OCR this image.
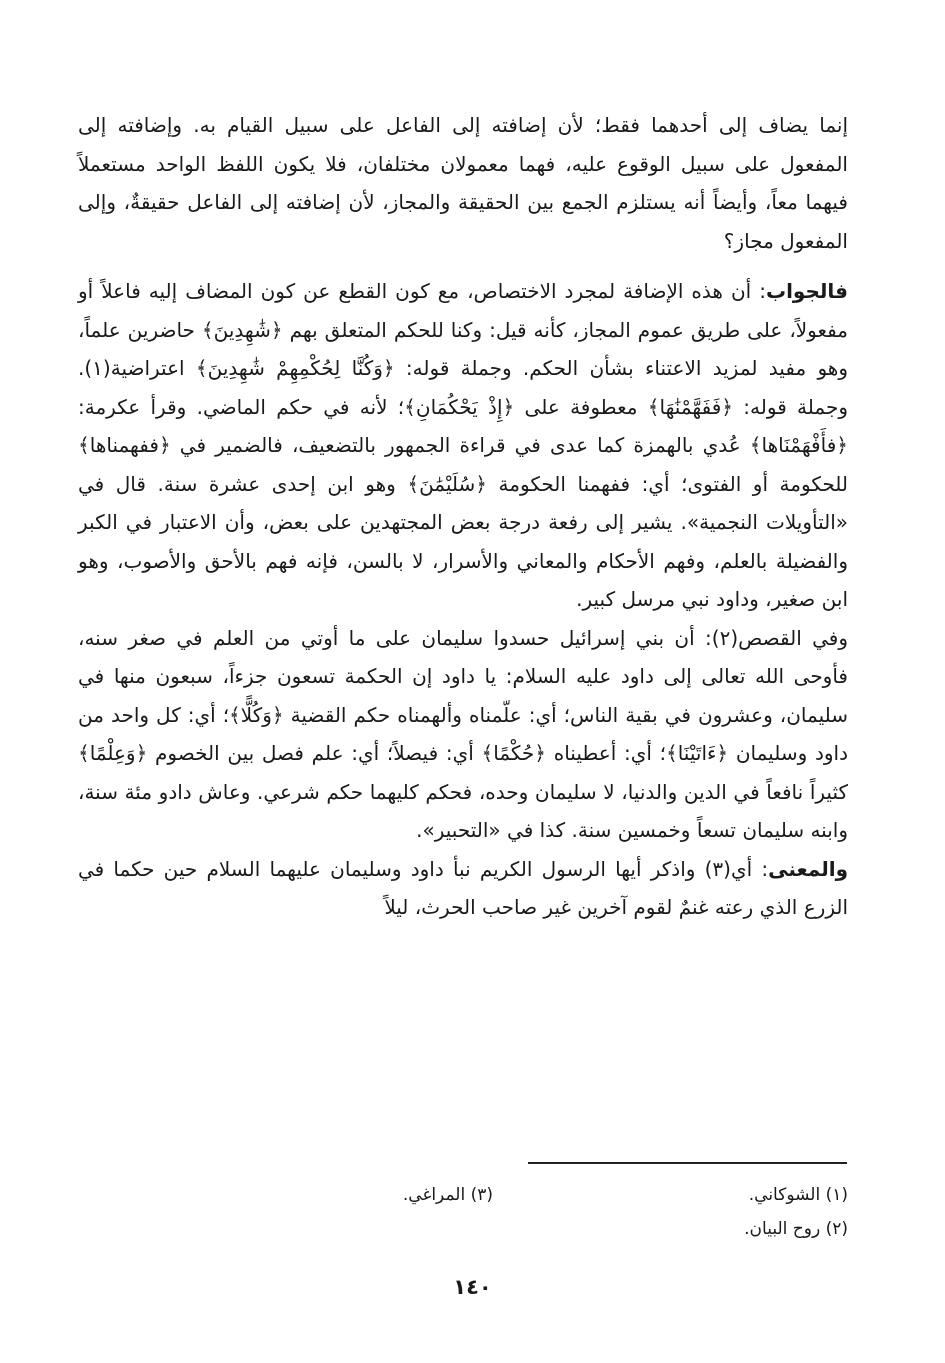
إنما يضاف إلى أحدهما فقط؛ لأن إضافته إلى الفاعل على سبيل القيام به. وإضافته إلى المفعول على سبيل الوقوع عليه، فهما معمولان مختلفان، فلا يكون اللفظ الواحد مستعملاً فيهما معاً، وأيضاً أنه يستلزم الجمع بين الحقيقة والمجاز، لأن إضافته إلى الفاعل حقيقةٌ، وإلى المفعول مجاز؟

فالجواب: أن هذه الإضافة لمجرد الاختصاص، مع كون القطع عن كون المضاف إليه فاعلاً أو مفعولاً، على طريق عموم المجاز، كأنه قيل: وكنا للحكم المتعلق بهم ﴿شَٰهِدِينَ﴾ حاضرين علماً، وهو مفيد لمزيد الاعتناء بشأن الحكم. وجملة قوله: ﴿وَكُنَّا لِحُكْمِهِمْ شَٰهِدِينَ﴾ اعتراضية(١). وجملة قوله: ﴿فَفَهَّمْنَٰهَا﴾ معطوفة على ﴿إِذْ يَحْكُمَانِ﴾؛ لأنه في حكم الماضي. وقرأ عكرمة: ﴿فأَفْهَمْنَاها﴾ عُدي بالهمزة كما عدى في قراءة الجمهور بالتضعيف، فالضمير في ﴿ففهمناها﴾ للحكومة أو الفتوى؛ أي: ففهمنا الحكومة ﴿سُلَيْمَٰنَ﴾ وهو ابن إحدى عشرة سنة. قال في «التأويلات النجمية». يشير إلى رفعة درجة بعض المجتهدين على بعض، وأن الاعتبار في الكبر والفضيلة بالعلم، وفهم الأحكام والمعاني والأسرار، لا بالسن، فإنه فهم بالأحق والأصوب، وهو ابن صغير، وداود نبي مرسل كبير.

وفي القصص(٢): أن بني إسرائيل حسدوا سليمان على ما أوتي من العلم في صغر سنه، فأوحى الله تعالى إلى داود عليه السلام: يا داود إن الحكمة تسعون جزءاً، سبعون منها في سليمان، وعشرون في بقية الناس؛ أي: علّمناه وألهمناه حكم القضية ﴿وَكُلًّا﴾؛ أي: كل واحد من داود وسليمان ﴿ءَاتَيْنَا﴾؛ أي: أعطيناه ﴿حُكْمًا﴾ أي: فيصلاً؛ أي: علم فصل بين الخصوم ﴿وَعِلْمًا﴾ كثيراً نافعاً في الدين والدنيا، لا سليمان وحده، فحكم كليهما حكم شرعي. وعاش دادو مئة سنة، وابنه سليمان تسعاً وخمسين سنة. كذا في «التحبير».

والمعنى: أي(٣) واذكر أيها الرسول الكريم نبأ داود وسليمان عليهما السلام حين حكما في الزرع الذي رعته غنمٌ لقوم آخرين غير صاحب الحرث، ليلاً

(١) الشوكاني.
(٣) المراغي.
(٢) روح البيان.
١٤٠
